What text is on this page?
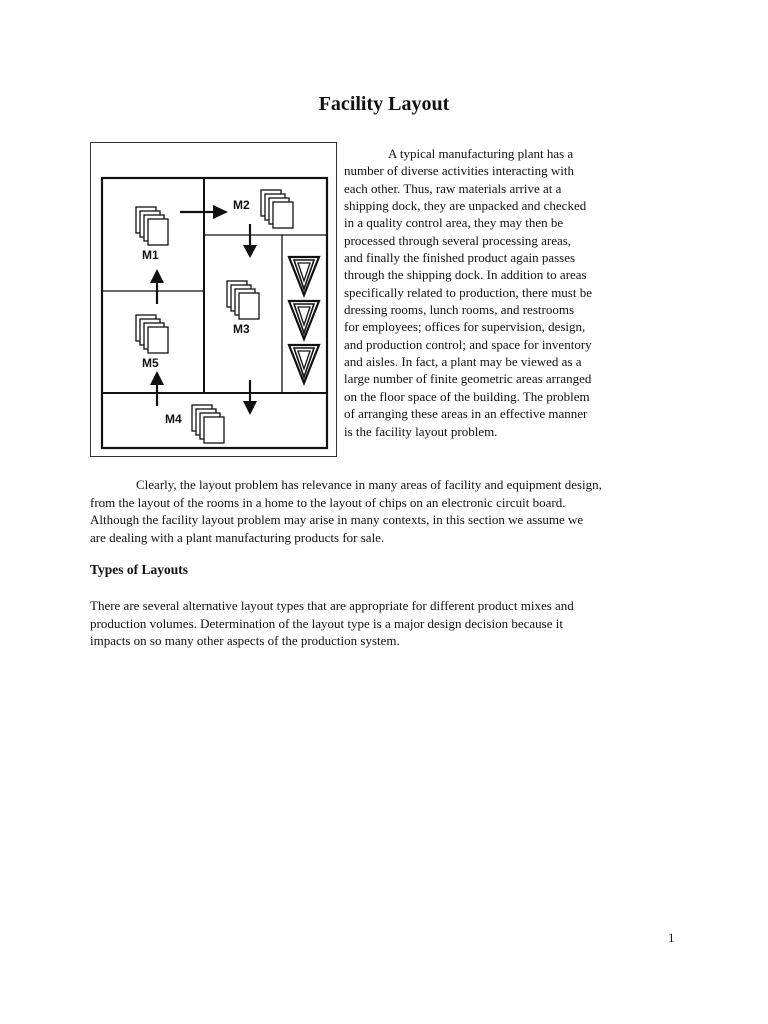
Facility Layout
M1
M2
M3
M4
M5
A typical manufacturing plant has a
number of diverse activities interacting with
each other. Thus, raw materials arrive at a
shipping dock, they are unpacked and checked
in a quality control area, they may then be
processed through several processing areas,
and finally the finished product again passes
through the shipping dock. In addition to areas
specifically related to production, there must be
dressing rooms, lunch rooms, and restrooms
for employees; offices for supervision, design,
and production control; and space for inventory
and aisles. In fact, a plant may be viewed as a
large number of finite geometric areas arranged
on the floor space of the building. The problem
of arranging these areas in an effective manner
is the facility layout problem.
Clearly, the layout problem has relevance in many areas of facility and equipment design,
from the layout of the rooms in a home to the layout of chips on an electronic circuit board.
Although the facility layout problem may arise in many contexts, in this section we assume we
are dealing with a plant manufacturing products for sale.
Types of Layouts
There are several alternative layout types that are appropriate for different product mixes and
production volumes. Determination of the layout type is a major design decision because it
impacts on so many other aspects of the production system.
1
